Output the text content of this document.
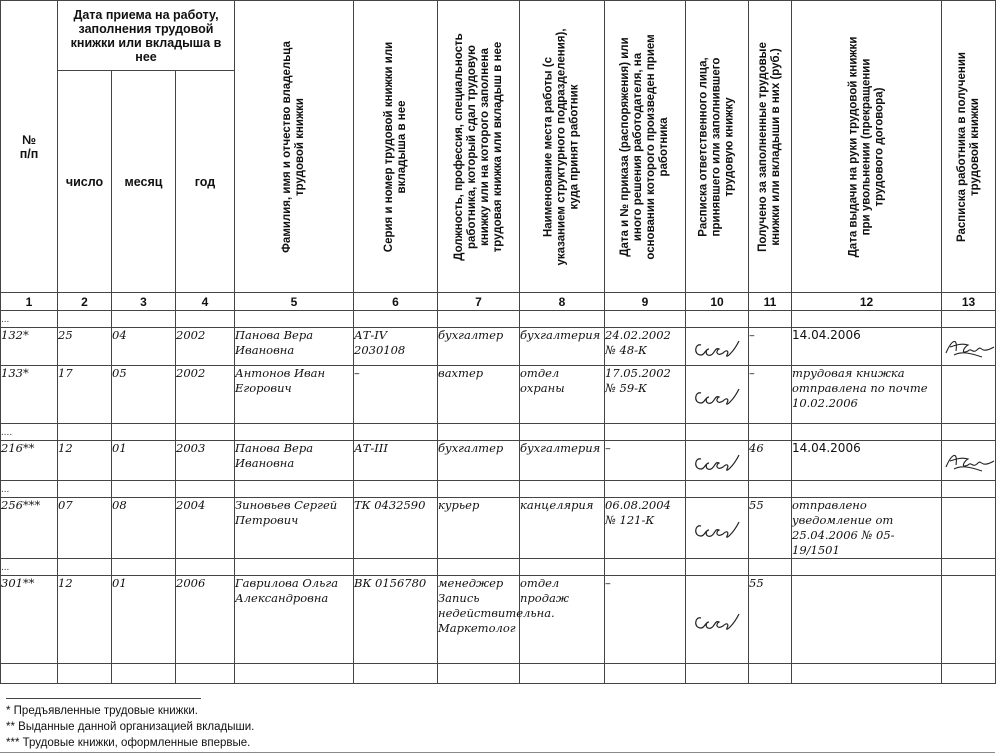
№
п/п	Дата приема на работу, заполнения трудовой книжки или вкладыша в нее			Фамилия, имя и отчество владельца трудовой книжки	Серия и номер трудовой книжки или вкладыша в нее	Должность, профессия, специальность работника, который сдал трудовую книжку или на которого заполнена трудовая книжка или вкладыш в нее	Наименование места работы (с указанием структурного подразделения), куда принят работник	Дата и № приказа (распоряжения) или иного решения работодателя, на основании которого произведен прием работника	Расписка ответственного лица, принявшего или заполнившего трудовую книжку	Получено за заполненные трудовые книжки или вкладыши в них (руб.)	Дата выдачи на руки трудовой книжки при увольнении (прекращении трудового договора)	Расписка работника в получении трудовой книжки

	число	месяц	год									
1	2	3	4	5	6	7	8	9	10	11	12	13
...												
132*	25	04	2002	Панова Вера Ивановна	АТ-IV 2030108	бухгалтер	бухгалтерия	24.02.2002 № 48-К		–	14.04.2006	

133*	17	05	2002	Антонов Иван Егорович	–	вахтер	отдел охраны	17.05.2002 № 59-К		–	трудовая книжка отправлена по почте 10.02.2006	
....												
216**	12	01	2003	Панова Вера Ивановна	АТ-III	бухгалтер	бухгалтерия	–		46	14.04.2006	

...												
256***	07	08	2004	Зиновьев Сергей Петрович	ТК 0432590	курьер	канцелярия	06.08.2004 № 121-К		55	отправлено уведомление от 25.04.2006 № 05-19/1501	
...												
301**	12	01	2006	Гаврилова Ольга Александровна	ВК 0156780	менеджер Запись недействительна. Маркетолог	отдел продаж	–		55		

* Предъявленные трудовые книжки.
** Выданные данной организацией вкладыши.
*** Трудовые книжки, оформленные впервые.
